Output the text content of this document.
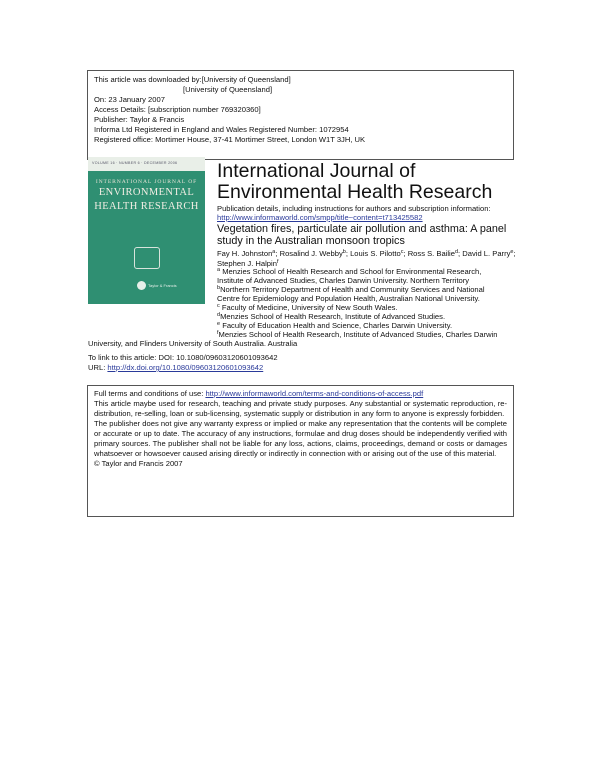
This article was downloaded by:[University of Queensland]
[University of Queensland]
On: 23 January 2007
Access Details: [subscription number 769320360]
Publisher: Taylor & Francis
Informa Ltd Registered in England and Wales Registered Number: 1072954
Registered office: Mortimer House, 37-41 Mortimer Street, London W1T 3JH, UK
VOLUME 16 · NUMBER 6 · DECEMBER 2006
INTERNATIONAL JOURNAL OF
ENVIRONMENTAL
HEALTH RESEARCH
Taylor & Francis
International Journal of
Environmental Health Research
Publication details, including instructions for authors and subscription information:
http://www.informaworld.com/smpp/title~content=t713425582
Vegetation fires, particulate air pollution and asthma: A panel study in the Australian monsoon tropics
Fay H. Johnston$^a$; Rosalind J. Webby$^b$; Louis S. Pilotto$^c$; Ross S. Bailie$^d$; David L. Parry$^e$; Stephen J. Halpin$^f$
$^a$ Menzies School of Health Research and School for Environmental Research,
Institute of Advanced Studies, Charles Darwin University. Northern Territory
$^b$Northern Territory Department of Health and Community Services and National
Centre for Epidemiology and Population Health, Australian National University.
$^c$ Faculty of Medicine, University of New South Wales.
$^d$Menzies School of Health Research, Institute of Advanced Studies.
$^e$ Faculty of Education Health and Science, Charles Darwin University.
$^f$Menzies School of Health Research, Institute of Advanced Studies, Charles Darwin
University, and Flinders University of South Australia. Australia
To link to this article: DOI: 10.1080/09603120601093642
URL: http://dx.doi.org/10.1080/09603120601093642
Full terms and conditions of use: http://www.informaworld.com/terms-and-conditions-of-access.pdf
This article maybe used for research, teaching and private study purposes. Any substantial or systematic reproduction, re-distribution, re-selling, loan or sub-licensing, systematic supply or distribution in any form to anyone is expressly forbidden.
The publisher does not give any warranty express or implied or make any representation that the contents will be complete or accurate or up to date. The accuracy of any instructions, formulae and drug doses should be independently verified with primary sources. The publisher shall not be liable for any loss, actions, claims, proceedings, demand or costs or damages whatsoever or howsoever caused arising directly or indirectly in connection with or arising out of the use of this material.
© Taylor and Francis 2007
